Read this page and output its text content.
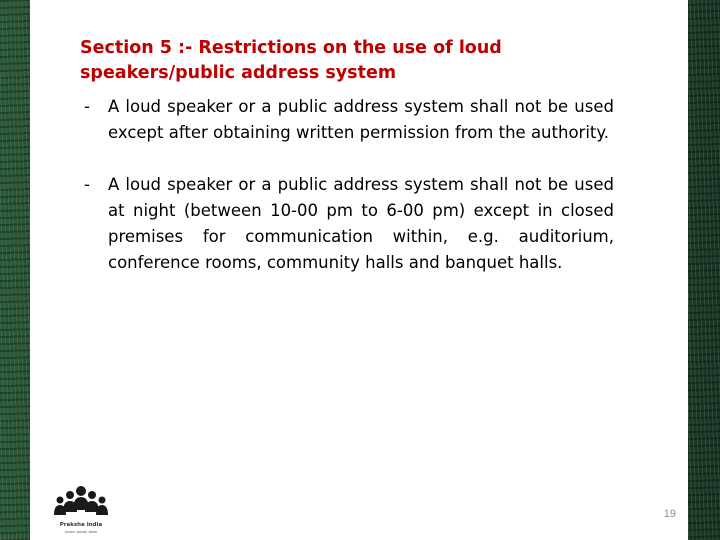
Section 5 :- Restrictions on the use of loud speakers/public address system
- A loud speaker or a public address system shall not be used except after obtaining written permission from the authority.
- A loud speaker or a public address system shall not be used at night (between 10-00 pm to 6-00 pm) except in closed premises for communication within, e.g. auditorium, conference rooms, community halls and banquet halls.
Prakshe India
Lorem ipsum dolor
19
